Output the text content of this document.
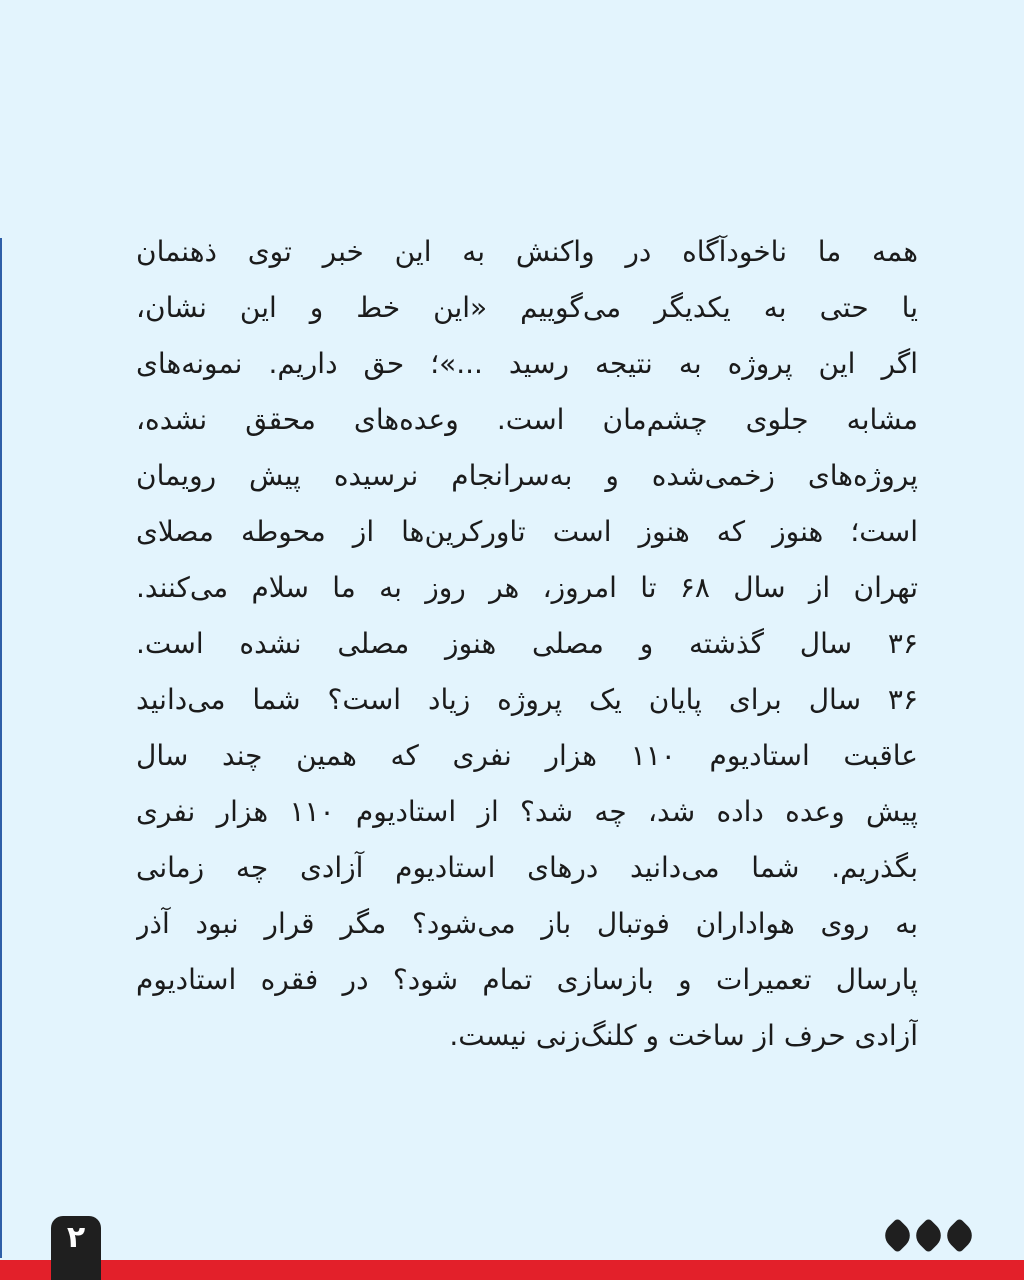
همه ما ناخودآگاه در واکنش به این خبر توی ذهنمان
یا حتی به یکدیگر می‌گوییم «این خط و این نشان،
اگر این پروژه به نتیجه رسید ...»؛ حق داریم. نمونه‌های
مشابه جلوی چشم‌مان است. وعده‌های محقق نشده،
پروژه‌های زخمی‌شده و به‌سرانجام نرسیده پیش رویمان
است؛ هنوز که هنوز است تاورکرین‌ها از محوطه مصلای
تهران از سال ۶۸ تا امروز، هر روز به ما سلام می‌کنند.
۳۶ سال گذشته و مصلی هنوز مصلی نشده است.
۳۶ سال برای پایان یک پروژه زیاد است؟ شما می‌دانید
عاقبت استادیوم ۱۱۰ هزار نفری که همین چند سال
پیش وعده داده شد، چه شد؟ از استادیوم ۱۱۰ هزار نفری
بگذریم. شما می‌دانید درهای استادیوم آزادی چه زمانی
به روی هواداران فوتبال باز می‌شود؟ مگر قرار نبود آذر
پارسال تعمیرات و بازسازی تمام شود؟ در فقره استادیوم
آزادی حرف از ساخت و کلنگ‌زنی نیست.
۲
